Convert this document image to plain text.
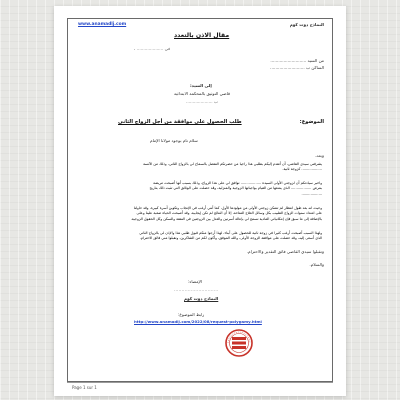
www.anamadlj.com	النماذج دوت كوم
مقال الاذن بالتعدد
في .................... ،
من السيد ...........................
الساكن ب ..........................
إلى السيد:
قاضي التوثيق بالمحكمة الابتدائية
ب ....................
الموضوع:
طلب الحصول على موافقة من أجل الزواج الثاني
سلام تام بوجود مولانا الإمام
وبعد،
يشرفني سيدي القاضي، أن أتقدم إليكم بطلبي هذا راجيا من حضرتكم التفضل بالسماح لي بالزواج الثاني، وذلك من الآنسة
.................. كزوجة ثانية.
واخبر سيادتكم أن لزوجتي الأولى السيدة .................. توافق لي على هذا الزواج، وذلك بسبب أنها أصبحت مريضة
بمرض .................. الذي يمنعها من القيام بواجباتها الزوجية والمنزلية، وقد حصلت على الوثائق التي تثبت ذلك بتاريخ
..................
وحيث انه بعد طول انتظار لم تتمكن زوجتي الأولى من مولودها الأول، كما أنني أرغب في الإنجاب وتكوين أسرة كبيرة، وقد حاولنا
على امتداد سنوات الزواج الطبيب بكل وسائل العلاج المتاحة، إلا أن النتائج لم تكن إيجابية، وقد أصبحت الحياة صعبة علينا وعلى
بالإضافة إلى ما سبق فإن إمكانياتي المادية تسمح لي بإعالة أسرتين والعدل بين الزوجتين في النفقة والسكن وكل الحقوق الزوجية.
ولهذا السبب أصبحت أرغب كثيرا في زوجة ثانية للحصول على أبناء، لهذا أرجوا منكم قبول طلبي هذا والإذن لي بالزواج الثاني
الذي أسعى إليه، وقد حصلت على موافقة الزوجة الأولى، والله الموفق، وأكون لكم من الشاكرين، وتقبلوا مني فائق الاحترام.
وتقبلوا سيدي القاضي فائق التقدير والاحترام.
والسلام.
الإمضاء:
.............................
النماذج دوت كوم
رابط الموضوع:
http://www.anamadlj.com/2022/08/request-polygamy.html
Page 1 sur 1
